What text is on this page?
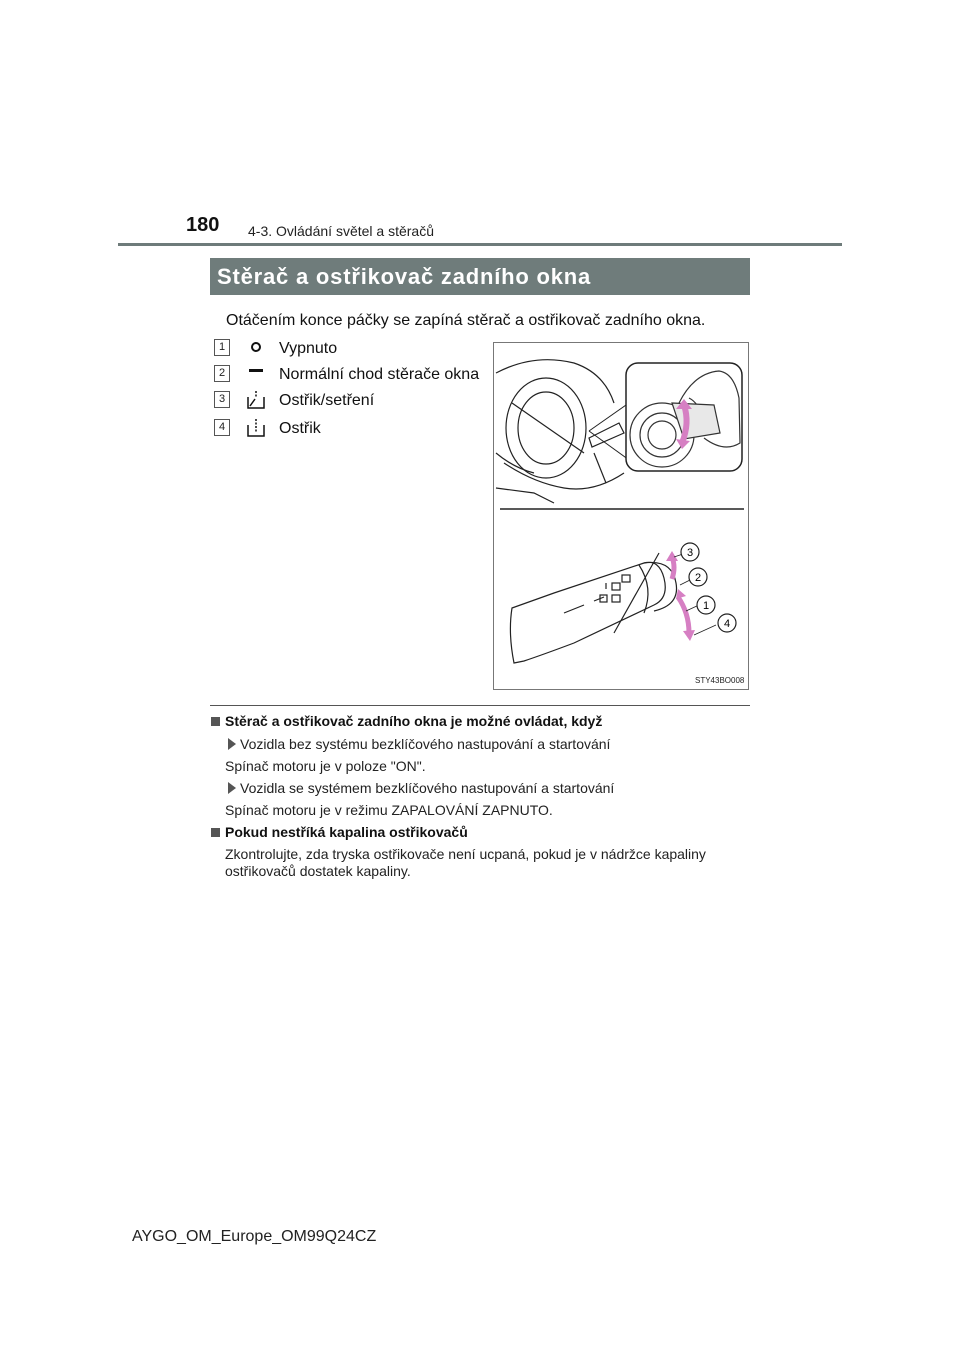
180 4-3. Ovládání světel a stěračů
Stěrač a ostřikovač zadního okna
Otáčením konce páčky se zapíná stěrač a ostřikovač zadního okna.
1	Vypnuto
2	Normální chod stěrače okna
3	Ostřik/setření
4	Ostřik
3
2
1
4
STY43BO008
Stěrač a ostřikovač zadního okna je možné ovládat, když
Vozidla bez systému bezklíčového nastupování a startování
Spínač motoru je v poloze "ON".
Vozidla se systémem bezklíčového nastupování a startování
Spínač motoru je v režimu ZAPALOVÁNÍ ZAPNUTO.
Pokud nestříká kapalina ostřikovačů
Zkontrolujte, zda tryska ostřikovače není ucpaná, pokud je v nádržce kapaliny
ostřikovačů dostatek kapaliny.
AYGO_OM_Europe_OM99Q24CZ
